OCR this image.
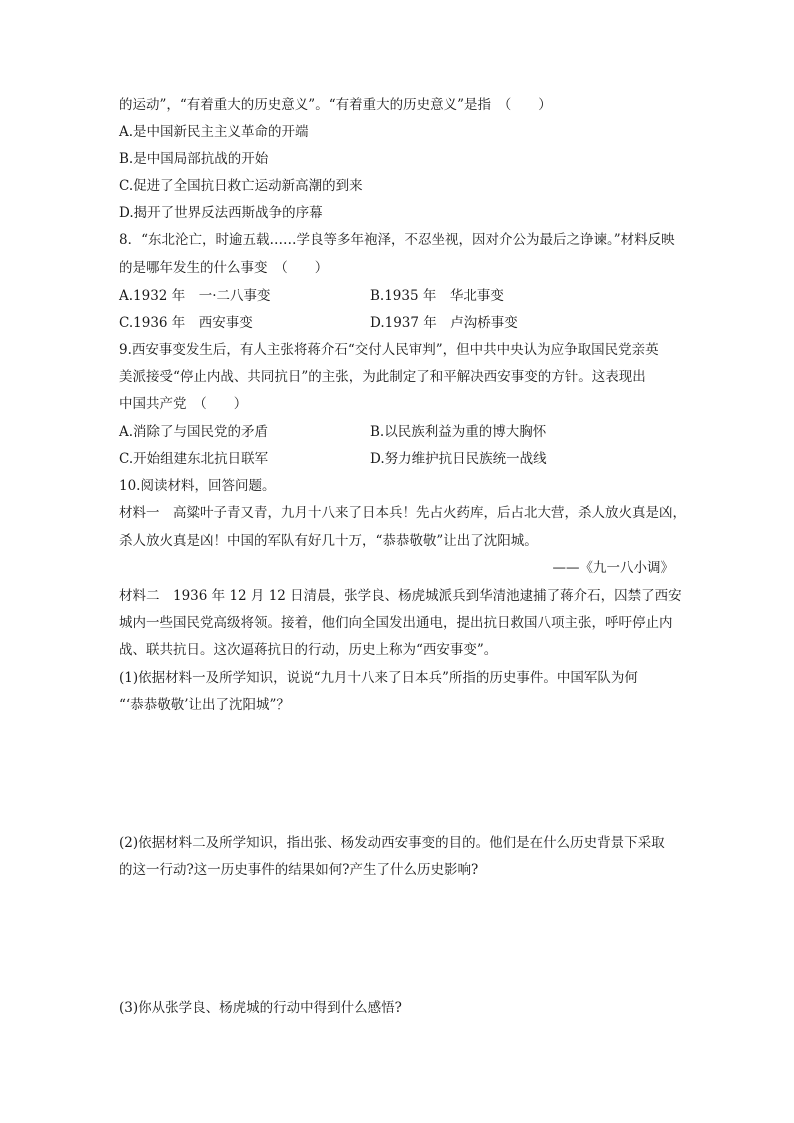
的运动”，“有着重大的历史意义”。“有着重大的历史意义”是指　（　　）
A.是中国新民主主义革命的开端
B.是中国局部抗战的开始
C.促进了全国抗日救亡运动新高潮的到来
D.揭开了世界反法西斯战争的序幕
8．“东北沦亡，时逾五载……学良等多年袍泽，不忍坐视，因对介公为最后之诤谏。”材料反映
的是哪年发生的什么事变　（　　）
A.1932 年　一·二八事变	B.1935 年　华北事变
C.1936 年　西安事变	D.1937 年　卢沟桥事变
9.西安事变发生后，有人主张将蒋介石“交付人民审判”，但中共中央认为应争取国民党亲英
美派接受“停止内战、共同抗日”的主张，为此制定了和平解决西安事变的方针。这表现出
中国共产党　（　　）
A.消除了与国民党的矛盾	B.以民族利益为重的博大胸怀
C.开始组建东北抗日联军	D.努力维护抗日民族统一战线
10.阅读材料，回答问题。
材料一　高粱叶子青又青，九月十八来了日本兵！先占火药库，后占北大营，杀人放火真是凶，
杀人放火真是凶！中国的军队有好几十万，“恭恭敬敬”让出了沈阳城。
——《九一八小调》
材料二　1936 年 12 月 12 日清晨，张学良、杨虎城派兵到华清池逮捕了蒋介石，囚禁了西安
城内一些国民党高级将领。接着，他们向全国发出通电，提出抗日救国八项主张，呼吁停止内
战、联共抗日。这次逼蒋抗日的行动，历史上称为“西安事变”。
(1)依据材料一及所学知识，说说“九月十八来了日本兵”所指的历史事件。中国军队为何
“‘恭恭敬敬’让出了沈阳城”？
(2)依据材料二及所学知识，指出张、杨发动西安事变的目的。他们是在什么历史背景下采取
的这一行动?这一历史事件的结果如何?产生了什么历史影响?
(3)你从张学良、杨虎城的行动中得到什么感悟?
